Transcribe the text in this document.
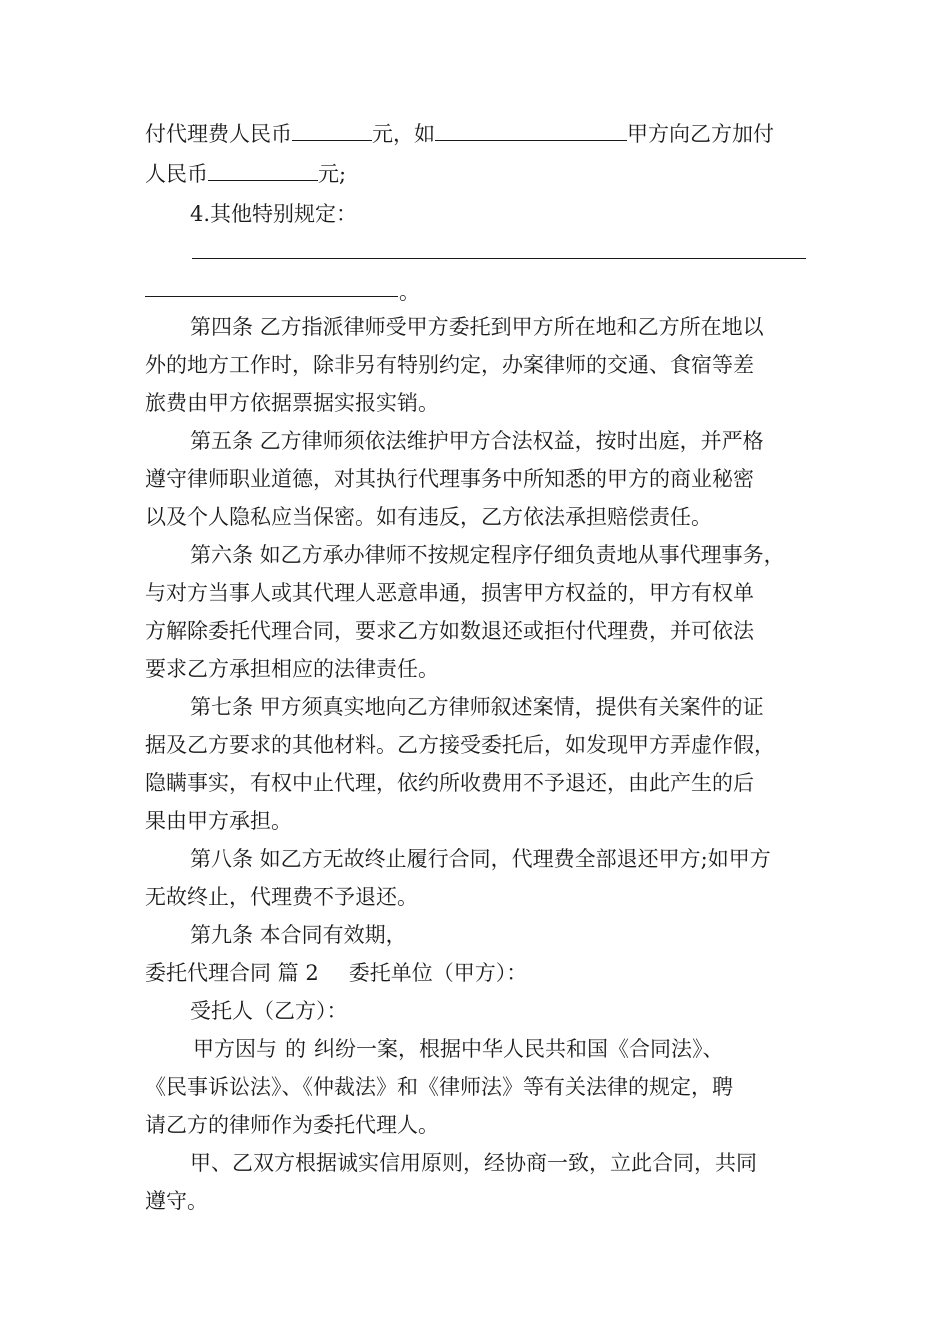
付代理费人民币	元，如	甲方向乙方加付
人民币	元;
4.其他特别规定：
。
第四条 乙方指派律师受甲方委托到甲方所在地和乙方所在地以
外的地方工作时，除非另有特别约定，办案律师的交通、食宿等差
旅费由甲方依据票据实报实销。
第五条 乙方律师须依法维护甲方合法权益，按时出庭，并严格
遵守律师职业道德，对其执行代理事务中所知悉的甲方的商业秘密
以及个人隐私应当保密。如有违反，乙方依法承担赔偿责任。
第六条 如乙方承办律师不按规定程序仔细负责地从事代理事务，
与对方当事人或其代理人恶意串通，损害甲方权益的，甲方有权单
方解除委托代理合同，要求乙方如数退还或拒付代理费，并可依法
要求乙方承担相应的法律责任。
第七条 甲方须真实地向乙方律师叙述案情，提供有关案件的证
据及乙方要求的其他材料。乙方接受委托后，如发现甲方弄虚作假，
隐瞒事实，有权中止代理，依约所收费用不予退还，由此产生的后
果由甲方承担。
第八条 如乙方无故终止履行合同，代理费全部退还甲方;如甲方
无故终止，代理费不予退还。
第九条 本合同有效期，
委托代理合同 篇 2 委托单位（甲方）：
受托人（乙方）：
甲方因与 的 纠纷一案，根据中华人民共和国《合同法》、
《民事诉讼法》、《仲裁法》和《律师法》等有关法律的规定，聘
请乙方的律师作为委托代理人。
甲、乙双方根据诚实信用原则，经协商一致，立此合同，共同
遵守。
